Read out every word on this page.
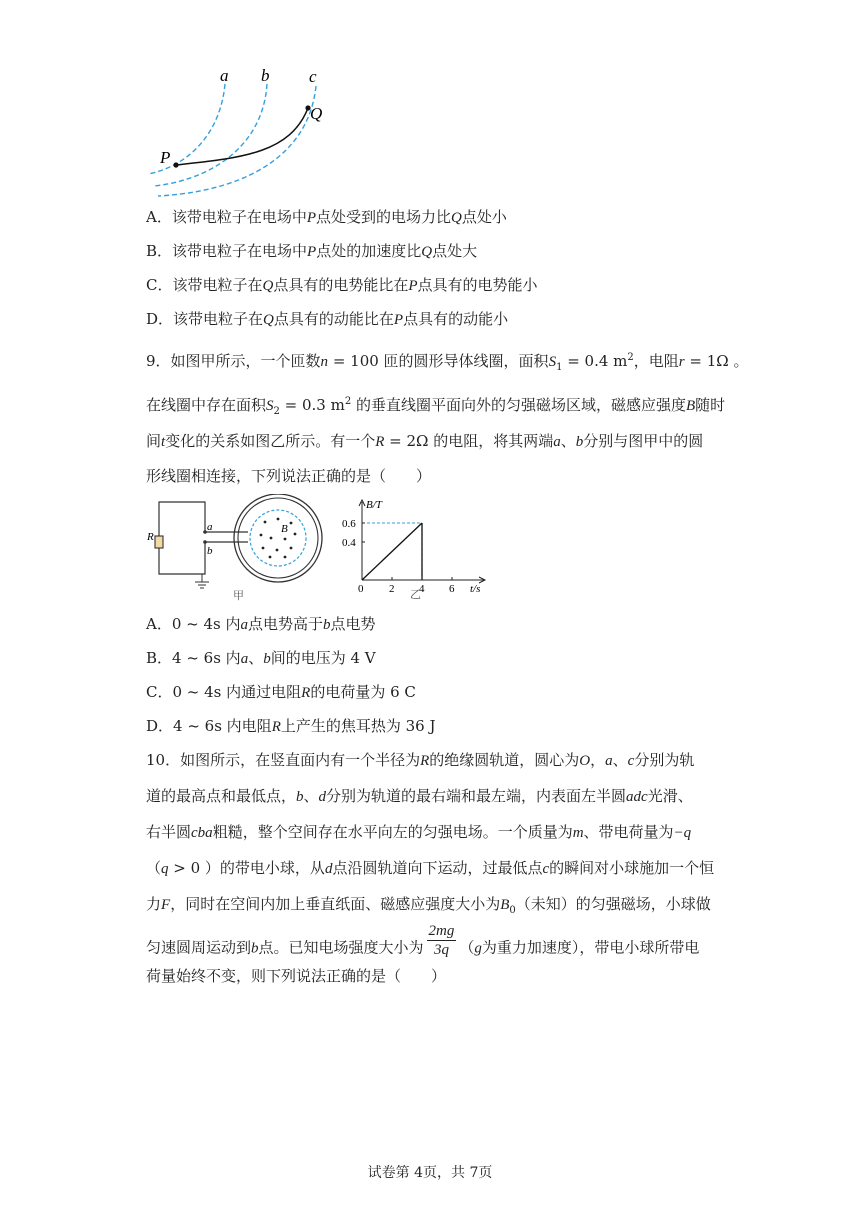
a b c
P
Q
A．该带电粒子在电场中P点处受到的电场力比Q点处小
B．该带电粒子在电场中P点处的加速度比Q点处大
C．该带电粒子在Q点具有的电势能比在P点具有的电势能小
D．该带电粒子在Q点具有的动能比在P点具有的动能小
9．如图甲所示，一个匝数n = 100 匝的圆形导体线圈，面积$S_1 = 0.4$ $m^2$，电阻r = 1Ω 。
在线圈中存在面积$S_2 = 0.3$ $m^2$ 的垂直线圈平面向外的匀强磁场区域，磁感应强度B随时
间t变化的关系如图乙所示。有一个R = 2Ω 的电阻，将其两端a、b分别与图甲中的圆
形线圈相连接，下列说法正确的是（　　）
R
a
b
B
甲
2 4 6
0.4
0.6
B/T
t/s
0	乙
A．0 ~ 4s 内a点电势高于b点电势
B．4 ~ 6s 内a、b间的电压为 4 V
C．0 ~ 4s 内通过电阻R的电荷量为 6 C
D．4 ~ 6s 内电阻R上产生的焦耳热为 36 J
10．如图所示，在竖直面内有一个半径为R的绝缘圆轨道，圆心为O，a、c分别为轨
道的最高点和最低点，b、d分别为轨道的最右端和最左端，内表面左半圆adc光滑、
右半圆cba粗糙，整个空间存在水平向左的匀强电场。一个质量为m、带电荷量为−q
（q > 0 ）的带电小球，从d点沿圆轨道向下运动，过最低点c的瞬间对小球施加一个恒
力F，同时在空间内加上垂直纸面、磁感应强度大小为$B_0$（未知）的匀强磁场，小球做
匀速圆周运动到b点。已知电场强度大小为 $\frac{2mg}{3q} (g$为重力加速度），带电小球所带电
荷量始终不变，则下列说法正确的是（　　）
试卷第 4页，共 7页
